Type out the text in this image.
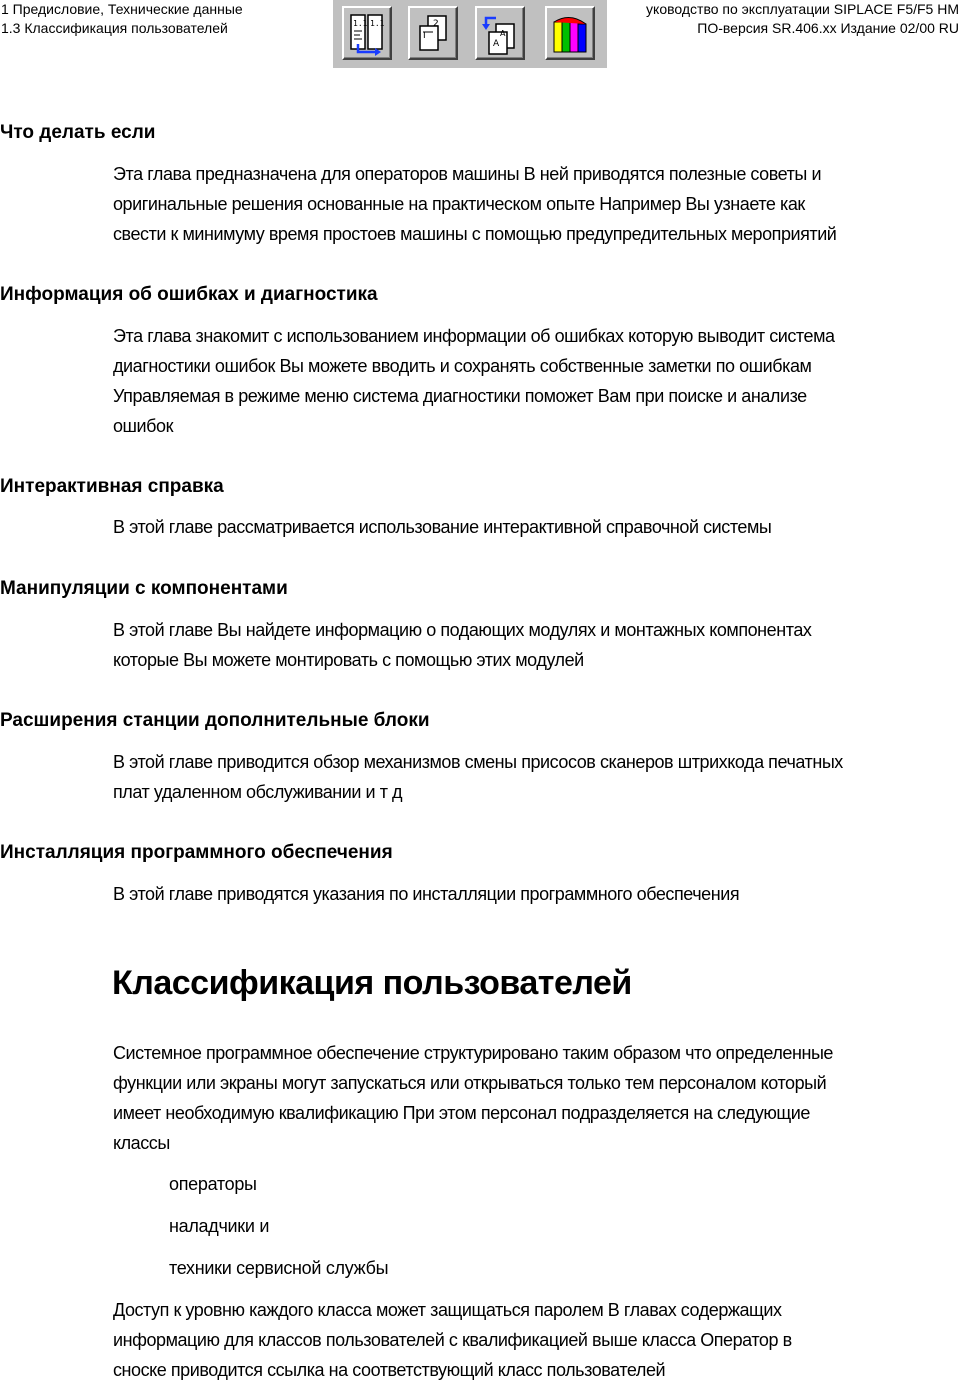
1 Предисловие, Технические данные
1.3 Классификация пользователей
уководство по эксплуатации SIPLACE F5/F5 HM
ПО-версия SR.406.xx Издание 02/00 RU
1.1 1.1	2
I	A
A
Что делать если
Эта глава предназначена для операторов машины В ней приводятся полезные советы и
оригинальные решения основанные на практическом опыте Например Вы узнаете как
свести к минимуму время простоев машины с помощью предупредительных мероприятий
Информация об ошибках и диагностика
Эта глава знакомит с использованием информации об ошибках которую выводит система
диагностики ошибок Вы можете вводить и сохранять собственные заметки по ошибкам
Управляемая в режиме меню система диагностики поможет Вам при поиске и анализе
ошибок
Интерактивная справка
В этой главе рассматривается использование интерактивной справочной системы
Манипуляции с компонентами
В этой главе Вы найдете информацию о подающих модулях и монтажных компонентах
которые Вы можете монтировать с помощью этих модулей
Расширения станции дополнительные блоки
В этой главе приводится обзор механизмов смены присосов сканеров штрихкода печатных
плат удаленном обслуживании и т д
Инсталляция программного обеспечения
В этой главе приводятся указания по инсталляции программного обеспечения
Классификация пользователей
Системное программное обеспечение структурировано таким образом что определенные
функции или экраны могут запускаться или открываться только тем персоналом который
имеет необходимую квалификацию При этом персонал подразделяется на следующие
классы
операторы
наладчики и
техники сервисной службы
Доступ к уровню каждого класса может защищаться паролем В главах содержащих
информацию для классов пользователей с квалификацией выше класса Оператор в
сноске приводится ссылка на соответствующий класс пользователей
